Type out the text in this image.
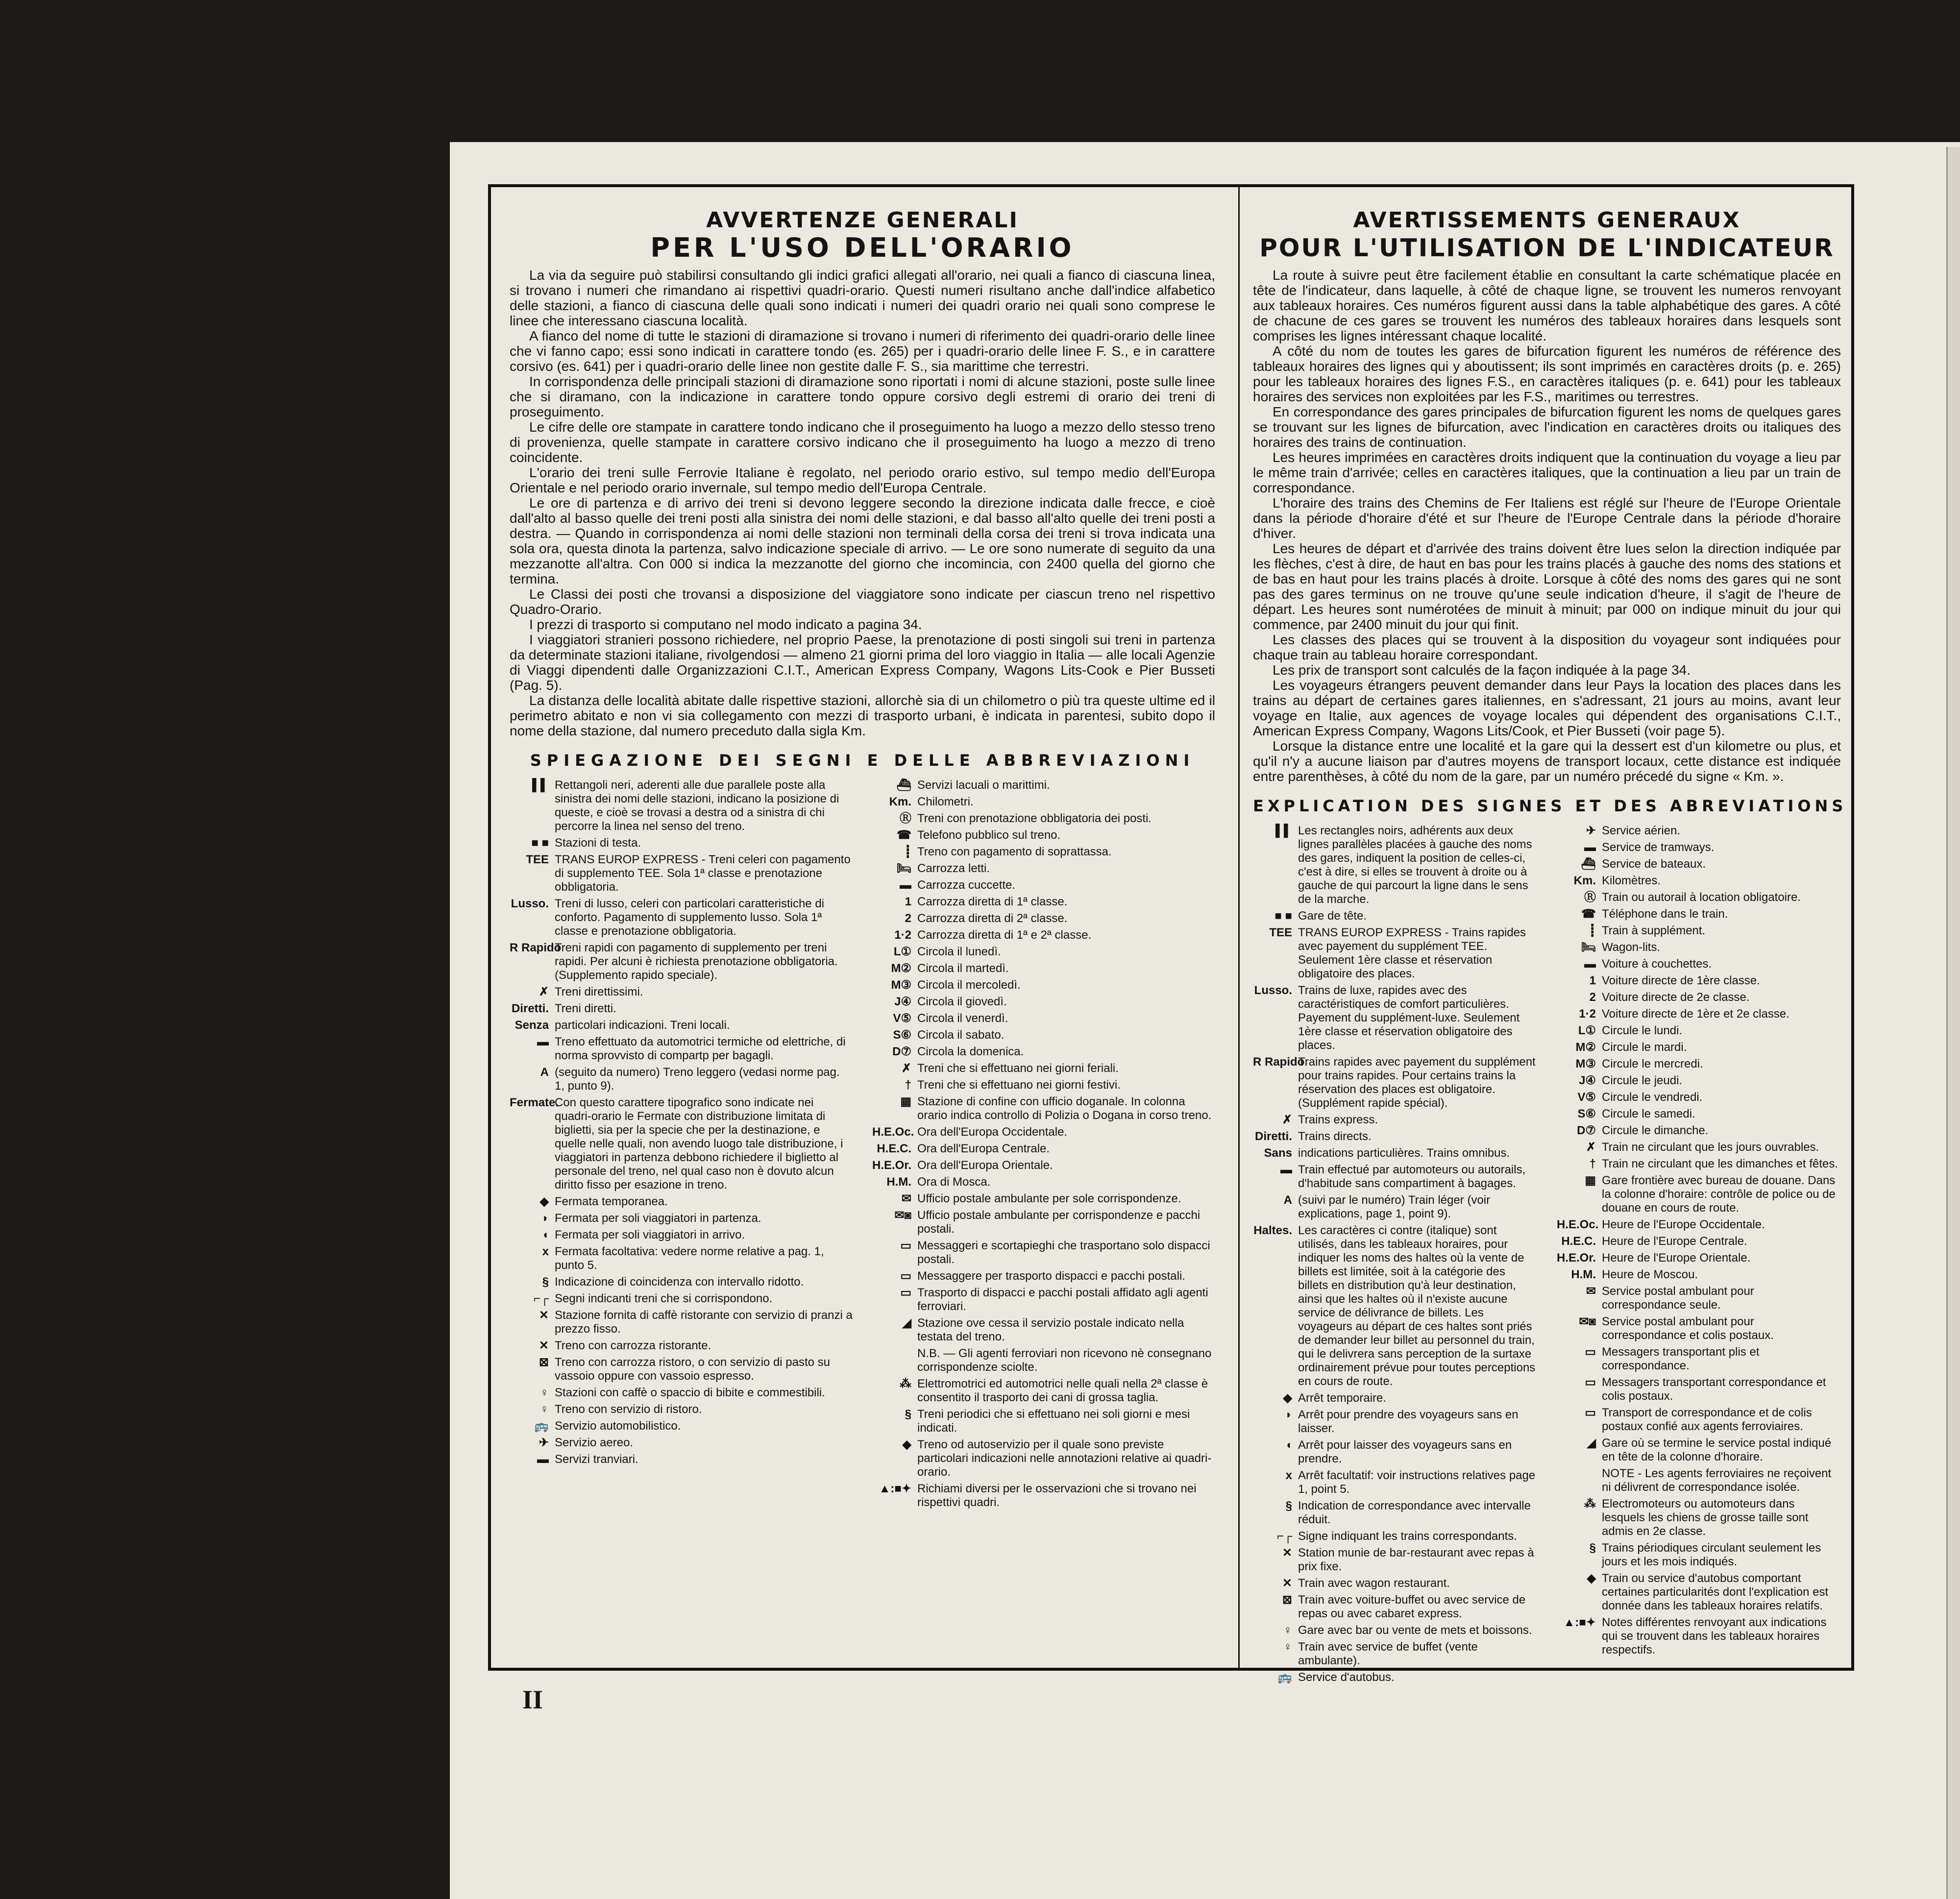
AVVERTENZE GENERALI
PER L'USO DELL'ORARIO

La via da seguire può stabilirsi consultando gli indici grafici allegati all'orario, nei quali a fianco di ciascuna linea, si trovano i numeri che rimandano ai rispettivi quadri-orario. Questi numeri risultano anche dall'indice alfabetico delle stazioni, a fianco di ciascuna delle quali sono indicati i numeri dei quadri orario nei quali sono comprese le linee che interessano ciascuna località.

A fianco del nome di tutte le stazioni di diramazione si trovano i numeri di riferimento dei quadri-orario delle linee che vi fanno capo; essi sono indicati in carattere tondo (es. 265) per i quadri-orario delle linee F. S., e in carattere corsivo (es. 641) per i quadri-orario delle linee non gestite dalle F. S., sia marittime che terrestri.

In corrispondenza delle principali stazioni di diramazione sono riportati i nomi di alcune stazioni, poste sulle linee che si diramano, con la indicazione in carattere tondo oppure corsivo degli estremi di orario dei treni di proseguimento.

Le cifre delle ore stampate in carattere tondo indicano che il proseguimento ha luogo a mezzo dello stesso treno di provenienza, quelle stampate in carattere corsivo indicano che il proseguimento ha luogo a mezzo di treno coincidente.

L'orario dei treni sulle Ferrovie Italiane è regolato, nel periodo orario estivo, sul tempo medio dell'Europa Orientale e nel periodo orario invernale, sul tempo medio dell'Europa Centrale.

Le ore di partenza e di arrivo dei treni si devono leggere secondo la direzione indicata dalle frecce, e cioè dall'alto al basso quelle dei treni posti alla sinistra dei nomi delle stazioni, e dal basso all'alto quelle dei treni posti a destra. — Quando in corrispondenza ai nomi delle stazioni non terminali della corsa dei treni si trova indicata una sola ora, questa dinota la partenza, salvo indicazione speciale di arrivo. — Le ore sono numerate di seguito da una mezzanotte all'altra. Con 000 si indica la mezzanotte del giorno che incomincia, con 2400 quella del giorno che termina.

Le Classi dei posti che trovansi a disposizione del viaggiatore sono indicate per ciascun treno nel rispettivo Quadro-Orario.

I prezzi di trasporto si computano nel modo indicato a pagina 34.

I viaggiatori stranieri possono richiedere, nel proprio Paese, la prenotazione di posti singoli sui treni in partenza da determinate stazioni italiane, rivolgendosi — almeno 21 giorni prima del loro viaggio in Italia — alle locali Agenzie di Viaggi dipendenti dalle Organizzazioni C.I.T., American Express Company, Wagons Lits-Cook e Pier Busseti (Pag. 5).

La distanza delle località abitate dalle rispettive stazioni, allorchè sia di un chilometro o più tra queste ultime ed il perimetro abitato e non vi sia collegamento con mezzi di trasporto urbani, è indicata in parentesi, subito dopo il nome della stazione, dal numero preceduto dalla sigla Km.

SPIEGAZIONE DEI SEGNI E DELLE ABBREVIAZIONI
▌▌ Rettangoli neri, aderenti alle due parallele poste alla sinistra dei nomi delle stazioni, indicano la posizione di queste, e cioè se trovasi a destra od a sinistra di chi percorre la linea nel senso del treno.
■ ■ Stazioni di testa.
TEE TRANS EUROP EXPRESS - Treni celeri con pagamento di supplemento TEE. Sola 1ª classe e prenotazione obbligatoria.
Lusso. Treni di lusso, celeri con particolari caratteristiche di conforto. Pagamento di supplemento lusso. Sola 1ª classe e prenotazione obbligatoria.
R Rapido
Treni rapidi con pagamento di supplemento per treni rapidi. Per alcuni è richiesta prenotazione obbligatoria. (Supplemento rapido speciale).
✗ Treni direttissimi.
Diretti. Treni diretti.
Senza particolari indicazioni. Treni locali.
▬ Treno effettuato da automotrici termiche od elettriche, di norma sprovvisto di compartp per bagagli.
A (seguito da numero) Treno leggero (vedasi norme pag. 1, punto 9).
Fermate.
Con questo carattere tipografico sono indicate nei quadri-orario le Fermate con distribuzione limitata di biglietti, sia per la specie che per la destinazione, e quelle nelle quali, non avendo luogo tale distribuzione, i viaggiatori in partenza debbono richiedere il biglietto al personale del treno, nel qual caso non è dovuto alcun diritto fisso per esazione in treno.
◆ Fermata temporanea.
◗ Fermata per soli viaggiatori in partenza.
◖ Fermata per soli viaggiatori in arrivo.
x Fermata facoltativa: vedere norme relative a pag. 1, punto 5.
§ Indicazione di coincidenza con intervallo ridotto.
⌐┌ Segni indicanti treni che si corrispondono.
✕ Stazione fornita di caffè ristorante con servizio di pranzi a prezzo fisso.
✕ Treno con carrozza ristorante.
⊠ Treno con carrozza ristoro, o con servizio di pasto su vassoio oppure con vassoio espresso.
♀ Stazioni con caffè o spaccio di bibite e commestibili.
♀ Treno con servizio di ristoro.
🚌 Servizio automobilistico.
✈ Servizio aereo.
▬ Servizi tranviari.
⛴ Servizi lacuali o marittimi.
Km. Chilometri.
Ⓡ Treni con prenotazione obbligatoria dei posti.
☎ Telefono pubblico sul treno.
┋ Treno con pagamento di soprattassa.
🛏 Carrozza letti.
▬ Carrozza cuccette.
1 Carrozza diretta di 1ª classe.
2 Carrozza diretta di 2ª classe.
1·2 Carrozza diretta di 1ª e 2ª classe.
L① Circola il lunedì.
M② Circola il martedì.
M③ Circola il mercoledì.
J④ Circola il giovedì.
V⑤ Circola il venerdì.
S⑥ Circola il sabato.
D⑦ Circola la domenica.
✗ Treni che si effettuano nei giorni feriali.
† Treni che si effettuano nei giorni festivi.
▦ Stazione di confine con ufficio doganale. In colonna orario indica controllo di Polizia o Dogana in corso treno.
H.E.Oc. Ora dell'Europa Occidentale.
H.E.C. Ora dell'Europa Centrale.
H.E.Or. Ora dell'Europa Orientale.
H.M. Ora di Mosca.
✉ Ufficio postale ambulante per sole corrispondenze.
✉◙ Ufficio postale ambulante per corrispondenze e pacchi postali.
▭ Messaggeri e scortapieghi che trasportano solo dispacci postali.
▭ Messaggere per trasporto dispacci e pacchi postali.
▭ Trasporto di dispacci e pacchi postali affidato agli agenti ferroviari.
◢ Stazione ove cessa il servizio postale indicato nella testata del treno.
N.B. — Gli agenti ferroviari non ricevono nè consegnano corrispondenze sciolte.
⁂ Elettromotrici ed automotrici nelle quali nella 2ª classe è consentito il trasporto dei cani di grossa taglia.
§ Treni periodici che si effettuano nei soli giorni e mesi indicati.
◆ Treno od autoservizio per il quale sono previste particolari indicazioni nelle annotazioni relative ai quadri-orario.
▲:■✦ Richiami diversi per le osservazioni che si trovano nei rispettivi quadri.
AVERTISSEMENTS GENERAUX
POUR L'UTILISATION DE L'INDICATEUR

La route à suivre peut être facilement établie en consultant la carte schématique placée en tête de l'indicateur, dans laquelle, à côté de chaque ligne, se trouvent les numeros renvoyant aux tableaux horaires. Ces numéros figurent aussi dans la table alphabétique des gares. A côté de chacune de ces gares se trouvent les numéros des tableaux horaires dans lesquels sont comprises les lignes intéressant chaque localité.

A côté du nom de toutes les gares de bifurcation figurent les numéros de référence des tableaux horaires des lignes qui y aboutissent; ils sont imprimés en caractères droits (p. e. 265) pour les tableaux horaires des lignes F.S., en caractères italiques (p. e. 641) pour les tableaux horaires des services non exploitées par les F.S., maritimes ou terrestres.

En correspondance des gares principales de bifurcation figurent les noms de quelques gares se trouvant sur les lignes de bifurcation, avec l'indication en caractères droits ou italiques des horaires des trains de continuation.

Les heures imprimées en caractères droits indiquent que la continuation du voyage a lieu par le même train d'arrivée; celles en caractères italiques, que la continuation a lieu par un train de correspondance.

L'horaire des trains des Chemins de Fer Italiens est réglé sur l'heure de l'Europe Orientale dans la période d'horaire d'été et sur l'heure de l'Europe Centrale dans la période d'horaire d'hiver.

Les heures de départ et d'arrivée des trains doivent être lues selon la direction indiquée par les flèches, c'est à dire, de haut en bas pour les trains placés à gauche des noms des stations et de bas en haut pour les trains placés à droite. Lorsque à côté des noms des gares qui ne sont pas des gares terminus on ne trouve qu'une seule indication d'heure, il s'agit de l'heure de départ. Les heures sont numérotées de minuit à minuit; par 000 on indique minuit du jour qui commence, par 2400 minuit du jour qui finit.

Les classes des places qui se trouvent à la disposition du voyageur sont indiquées pour chaque train au tableau horaire correspondant.

Les prix de transport sont calculés de la façon indiquée à la page 34.

Les voyageurs étrangers peuvent demander dans leur Pays la location des places dans les trains au départ de certaines gares italiennes, en s'adressant, 21 jours au moins, avant leur voyage en Italie, aux agences de voyage locales qui dépendent des organisations C.I.T., American Express Company, Wagons Lits/Cook, et Pier Busseti (voir page 5).

Lorsque la distance entre une localité et la gare qui la dessert est d'un kilometre ou plus, et qu'il n'y a aucune liaison par d'autres moyens de transport locaux, cette distance est indiquée entre parenthèses, à côté du nom de la gare, par un numéro précedé du signe « Km. ».

EXPLICATION DES SIGNES ET DES ABREVIATIONS
▌▌ Les rectangles noirs, adhérents aux deux lignes parallèles placées à gauche des noms des gares, indiquent la position de celles-ci, c'est à dire, si elles se trouvent à droite ou à gauche de qui parcourt la ligne dans le sens de la marche.
■ ■ Gare de tête.
TEE TRANS EUROP EXPRESS - Trains rapides avec payement du supplément TEE. Seulement 1ère classe et réservation obligatoire des places.
Lusso. Trains de luxe, rapides avec des caractéristiques de comfort particulières. Payement du supplément-luxe. Seulement 1ère classe et réservation obligatoire des places.
R Rapido
Trains rapides avec payement du supplément pour trains rapides. Pour certains trains la réservation des places est obligatoire.(Supplément rapide spécial).
✗ Trains express.
Diretti. Trains directs.
Sans indications particulières. Trains omnibus.
▬ Train effectué par automoteurs ou autorails, d'habitude sans compartiment à bagages.
A (suivi par le numéro) Train léger (voir explications, page 1, point 9).
Haltes. Les caractères ci contre (italique) sont utilisés, dans les tableaux horaires, pour indiquer les noms des haltes où la vente de billets est limitée, soit à la catégorie des billets en distribution qu'à leur destination, ainsi que les haltes où il n'existe aucune service de délivrance de billets. Les voyageurs au départ de ces haltes sont priés de demander leur billet au personnel du train, qui le delivrera sans perception de la surtaxe ordinairement prévue pour toutes perceptions en cours de route.
◆ Arrêt temporaire.
◗ Arrêt pour prendre des voyageurs sans en laisser.
◖ Arrêt pour laisser des voyageurs sans en prendre.
x Arrêt facultatif: voir instructions relatives page 1, point 5.
§ Indication de correspondance avec intervalle réduit.
⌐┌ Signe indiquant les trains correspondants.
✕ Station munie de bar-restaurant avec repas à prix fixe.
✕ Train avec wagon restaurant.
⊠ Train avec voiture-buffet ou avec service de repas ou avec cabaret express.
♀ Gare avec bar ou vente de mets et boissons.
♀ Train avec service de buffet (vente ambulante).
🚌 Service d'autobus.
✈ Service aérien.
▬ Service de tramways.
⛴ Service de bateaux.
Km. Kilomètres.
Ⓡ Train ou autorail à location obligatoire.
☎ Téléphone dans le train.
┋ Train à supplément.
🛏 Wagon-lits.
▬ Voiture à couchettes.
1 Voiture directe de 1ère classe.
2 Voiture directe de 2e classe.
1·2 Voiture directe de 1ère et 2e classe.
L① Circule le lundi.
M② Circule le mardi.
M③ Circule le mercredi.
J④ Circule le jeudi.
V⑤ Circule le vendredi.
S⑥ Circule le samedi.
D⑦ Circule le dimanche.
✗ Train ne circulant que les jours ouvrables.
† Train ne circulant que les dimanches et fêtes.
▦ Gare frontière avec bureau de douane. Dans la colonne d'horaire: contrôle de police ou de douane en cours de route.
H.E.Oc. Heure de l'Europe Occidentale.
H.E.C. Heure de l'Europe Centrale.
H.E.Or. Heure de l'Europe Orientale.
H.M. Heure de Moscou.
✉ Service postal ambulant pour correspondance seule.
✉◙ Service postal ambulant pour correspondance et colis postaux.
▭ Messagers transportant plis et correspondance.
▭ Messagers transportant correspondance et colis postaux.
▭ Transport de correspondance et de colis postaux confié aux agents ferroviaires.
◢ Gare où se termine le service postal indiqué en tête de la colonne d'horaire.
NOTE - Les agents ferroviaires ne reçoivent ni délivrent de correspondance isolée.
⁂ Electromoteurs ou automoteurs dans lesquels les chiens de grosse taille sont admis en 2e classe.
§ Trains périodiques circulant seulement les jours et les mois indiqués.
◆ Train ou service d'autobus comportant certaines particularités dont l'explication est donnée dans les tableaux horaires relatifs.
▲:■✦ Notes différentes renvoyant aux indications qui se trouvent dans les tableaux horaires respectifs.
II
